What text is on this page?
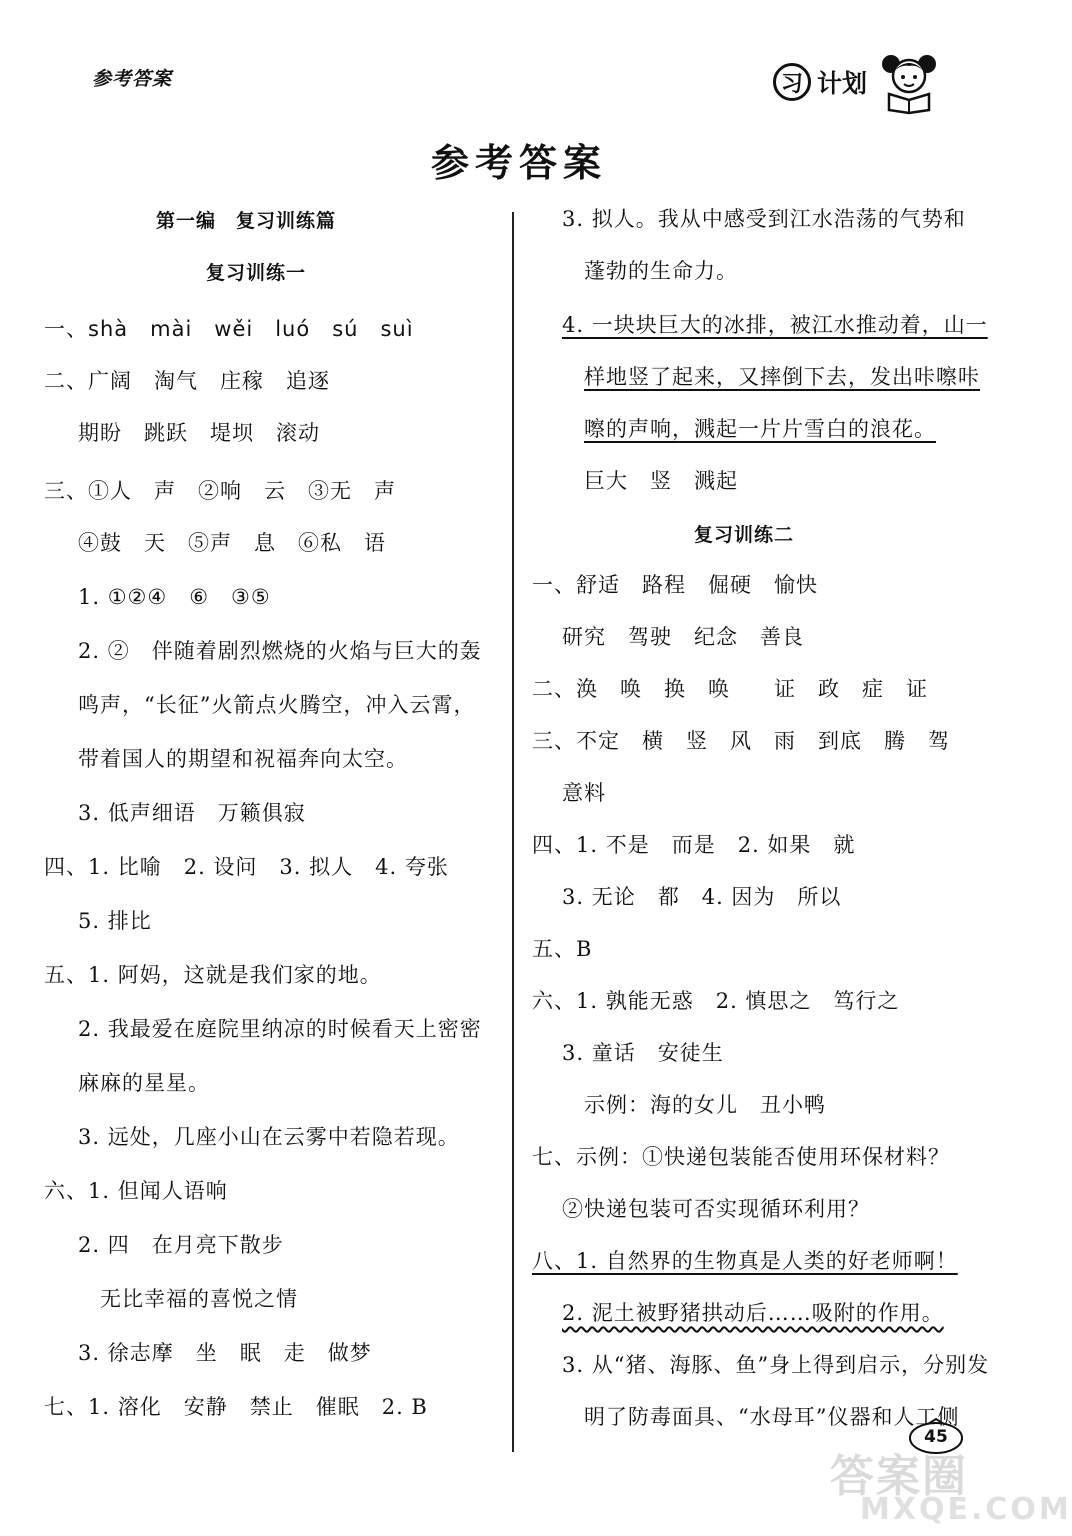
参考答案	习 计划
参考答案
第一编　复习训练篇
复习训练一
一、shà　mài　wěi　luó　sú　suì
二、广阔　淘气　庄稼　追逐
期盼　跳跃　堤坝　滚动
三、①人　声　②响　云　③无　声
④鼓　天　⑤声　息　⑥私　语
1. ①②④　⑥　③⑤
2. ②　伴随着剧烈燃烧的火焰与巨大的轰
鸣声，“长征”火箭点火腾空，冲入云霄，
带着国人的期望和祝福奔向太空。
3. 低声细语　万籁俱寂
四、1. 比喻　2. 设问　3. 拟人　4. 夸张
5. 排比
五、1. 阿妈，这就是我们家的地。
2. 我最爱在庭院里纳凉的时候看天上密密
麻麻的星星。
3. 远处，几座小山在云雾中若隐若现。
六、1. 但闻人语响
2. 四　在月亮下散步
无比幸福的喜悦之情
3. 徐志摩　坐　眠　走　做梦
七、1. 溶化　安静　禁止　催眠　2. B
3. 拟人。我从中感受到江水浩荡的气势和
蓬勃的生命力。
4. 一块块巨大的冰排，被江水推动着，山一
样地竖了起来，又摔倒下去，发出咔嚓咔
嚓的声响，溅起一片片雪白的浪花。
巨大　竖　溅起
复习训练二
一、舒适　路程　倔硬　愉快
研究　驾驶　纪念　善良
二、涣　唤　换　唤　　证　政　症　证
三、不定　横　竖　风　雨　到底　腾　驾
意料
四、1. 不是　而是　2. 如果　就
3. 无论　都　4. 因为　所以
五、B
六、1. 孰能无惑　2. 慎思之　笃行之
3. 童话　安徒生
示例：海的女儿　丑小鸭
七、示例：①快递包装能否使用环保材料？
②快递包装可否实现循环利用？
八、1. 自然界的生物真是人类的好老师啊！
2. 泥土被野猪拱动后……吸附的作用。
3. 从“猪、海豚、鱼”身上得到启示，分别发
明了防毒面具、“水母耳”仪器和人工侧
45
答案圈
MXQE.COM
